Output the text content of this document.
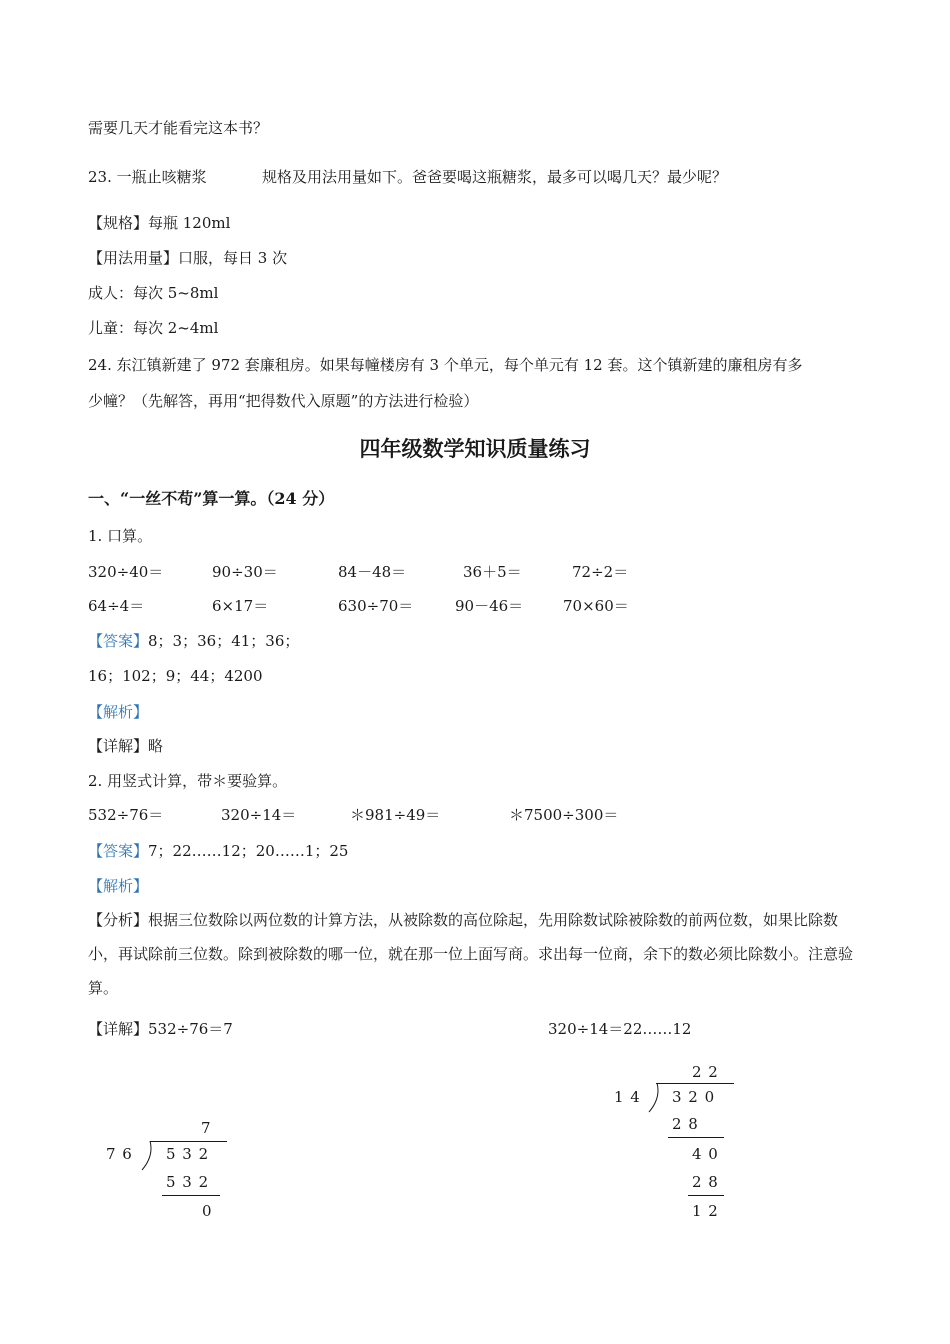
需要几天才能看完这本书？
23. 一瓶止咳糖浆	规格及用法用量如下。爸爸要喝这瓶糖浆，最多可以喝几天？最少呢？
【规格】每瓶 120ml
【用法用量】口服，每日 3 次
成人：每次 5~8ml
儿童：每次 2~4ml
24. 东江镇新建了 972 套廉租房。如果每幢楼房有 3 个单元，每个单元有 12 套。这个镇新建的廉租房有多
少幢？（先解答，再用“把得数代入原题”的方法进行检验）
四年级数学知识质量练习
一、“一丝不苟”算一算。（24 分）
1. 口算。
320÷40＝	90÷30＝	84－48＝	36＋5＝	72÷2＝
64÷4＝	6×17＝	630÷70＝	90－46＝	70×60＝
【答案】8；3；36；41；36；
16；102；9；44；4200
【解析】
【详解】略
2. 用竖式计算，带＊要验算。
532÷76＝	320÷14＝	＊981÷49＝	＊7500÷300＝
【答案】7；22……12；20……1；25
【解析】
【分析】根据三位数除以两位数的计算方法，从被除数的高位除起，先用除数试除被除数的前两位数，如果比除数小，再试除前三位数。除到被除数的哪一位，就在那一位上面写商。求出每一位商，余下的数必须比除数小。注意验算。
【详解】532÷76＝7	320÷14＝22……12
7
7 6 5 3 2
5 3 2
0
2 2
1 4 3 2 0
2 8
4 0
2 8
1 2
